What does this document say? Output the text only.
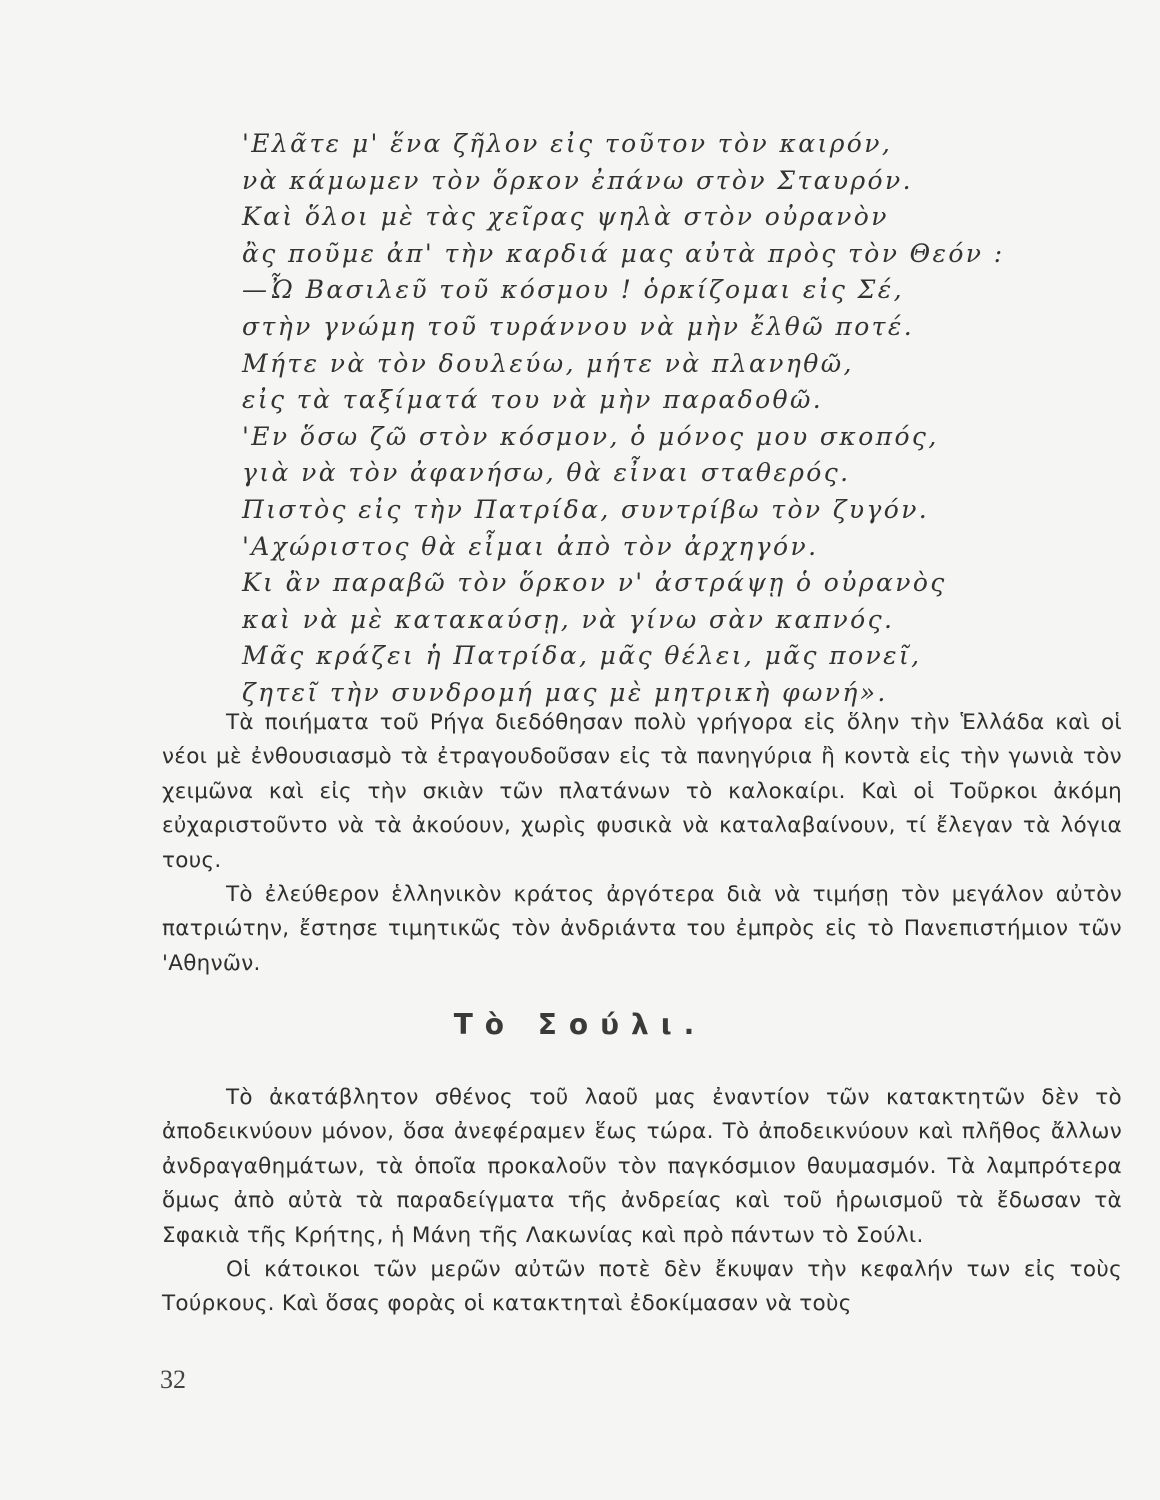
'Ελᾶτε μ' ἕνα ζῆλον εἰς τοῦτον τὸν καιρόν,
νὰ κάμωμεν τὸν ὅρκον ἐπάνω στὸν Σταυρόν.
Καὶ ὅλοι μὲ τὰς χεῖρας ψηλὰ στὸν οὐρανὸν
ἂς ποῦμε ἀπ' τὴν καρδιά μας αὐτὰ πρὸς τὸν Θεόν :
—Ὦ Βασιλεῦ τοῦ κόσμου ! ὁρκίζομαι εἰς Σέ,
στὴν γνώμη τοῦ τυράννου νὰ μὴν ἔλθῶ ποτέ.
Μήτε νὰ τὸν δουλεύω, μήτε νὰ πλανηθῶ,
εἰς τὰ ταξίματά του νὰ μὴν παραδοθῶ.
'Εν ὅσω ζῶ στὸν κόσμον, ὁ μόνος μου σκοπός,
γιὰ νὰ τὸν ἀφανήσω, θὰ εἶναι σταθερός.
Πιστὸς εἰς τὴν Πατρίδα, συντρίβω τὸν ζυγόν.
'Αχώριστος θὰ εἶμαι ἀπὸ τὸν ἀρχηγόν.
Κι ἂν παραβῶ τὸν ὅρκον ν' ἀστράψῃ ὁ οὐρανὸς
καὶ νὰ μὲ κατακαύσῃ, νὰ γίνω σὰν καπνός.
Μᾶς κράζει ἡ Πατρίδα, μᾶς θέλει, μᾶς πονεῖ,
ζητεῖ τὴν συνδρομή μας μὲ μητρικὴ φωνή».

Τὰ ποιήματα τοῦ Ρήγα διεδόθησαν πολὺ γρήγορα εἰς ὅλην τὴν Ἑλλάδα καὶ οἱ νέοι μὲ ἐνθουσιασμὸ τὰ ἐτραγουδοῦσαν εἰς τὰ πανηγύρια ἢ κοντὰ εἰς τὴν γωνιὰ τὸν χειμῶνα καὶ εἰς τὴν σκιὰν τῶν πλατάνων τὸ καλοκαίρι. Καὶ οἱ Τοῦρκοι ἀκόμη εὐχαριστοῦντο νὰ τὰ ἀκούουν, χωρὶς φυσικὰ νὰ καταλαβαίνουν, τί ἔλεγαν τὰ λόγια τους.

Τὸ ἐλεύθερον ἑλληνικὸν κράτος ἀργότερα διὰ νὰ τιμήσῃ τὸν μεγάλον αὐτὸν πατριώτην, ἔστησε τιμητικῶς τὸν ἀνδριάντα του ἐμπρὸς εἰς τὸ Πανεπιστήμιον τῶν 'Αθηνῶν.

Τὸ Σούλι.

Τὸ ἀκατάβλητον σθένος τοῦ λαοῦ μας ἐναντίον τῶν κατακτητῶν δὲν τὸ ἀποδεικνύουν μόνον, ὅσα ἀνεφέραμεν ἕως τώρα. Τὸ ἀποδεικνύουν καὶ πλῆθος ἄλλων ἀνδραγαθημάτων, τὰ ὁποῖα προκαλοῦν τὸν παγκόσμιον θαυμασμόν. Τὰ λαμπρότερα ὅμως ἀπὸ αὐτὰ τὰ παραδείγματα τῆς ἀνδρείας καὶ τοῦ ἡρωισμοῦ τὰ ἔδωσαν τὰ Σφακιὰ τῆς Κρήτης, ἡ Μάνη τῆς Λακωνίας καὶ πρὸ πάντων τὸ Σούλι.

Οἱ κάτοικοι τῶν μερῶν αὐτῶν ποτὲ δὲν ἔκυψαν τὴν κεφαλήν των εἰς τοὺς Τούρκους. Καὶ ὅσας φορὰς οἱ κατακτηταὶ ἐδοκίμασαν νὰ τοὺς

32
